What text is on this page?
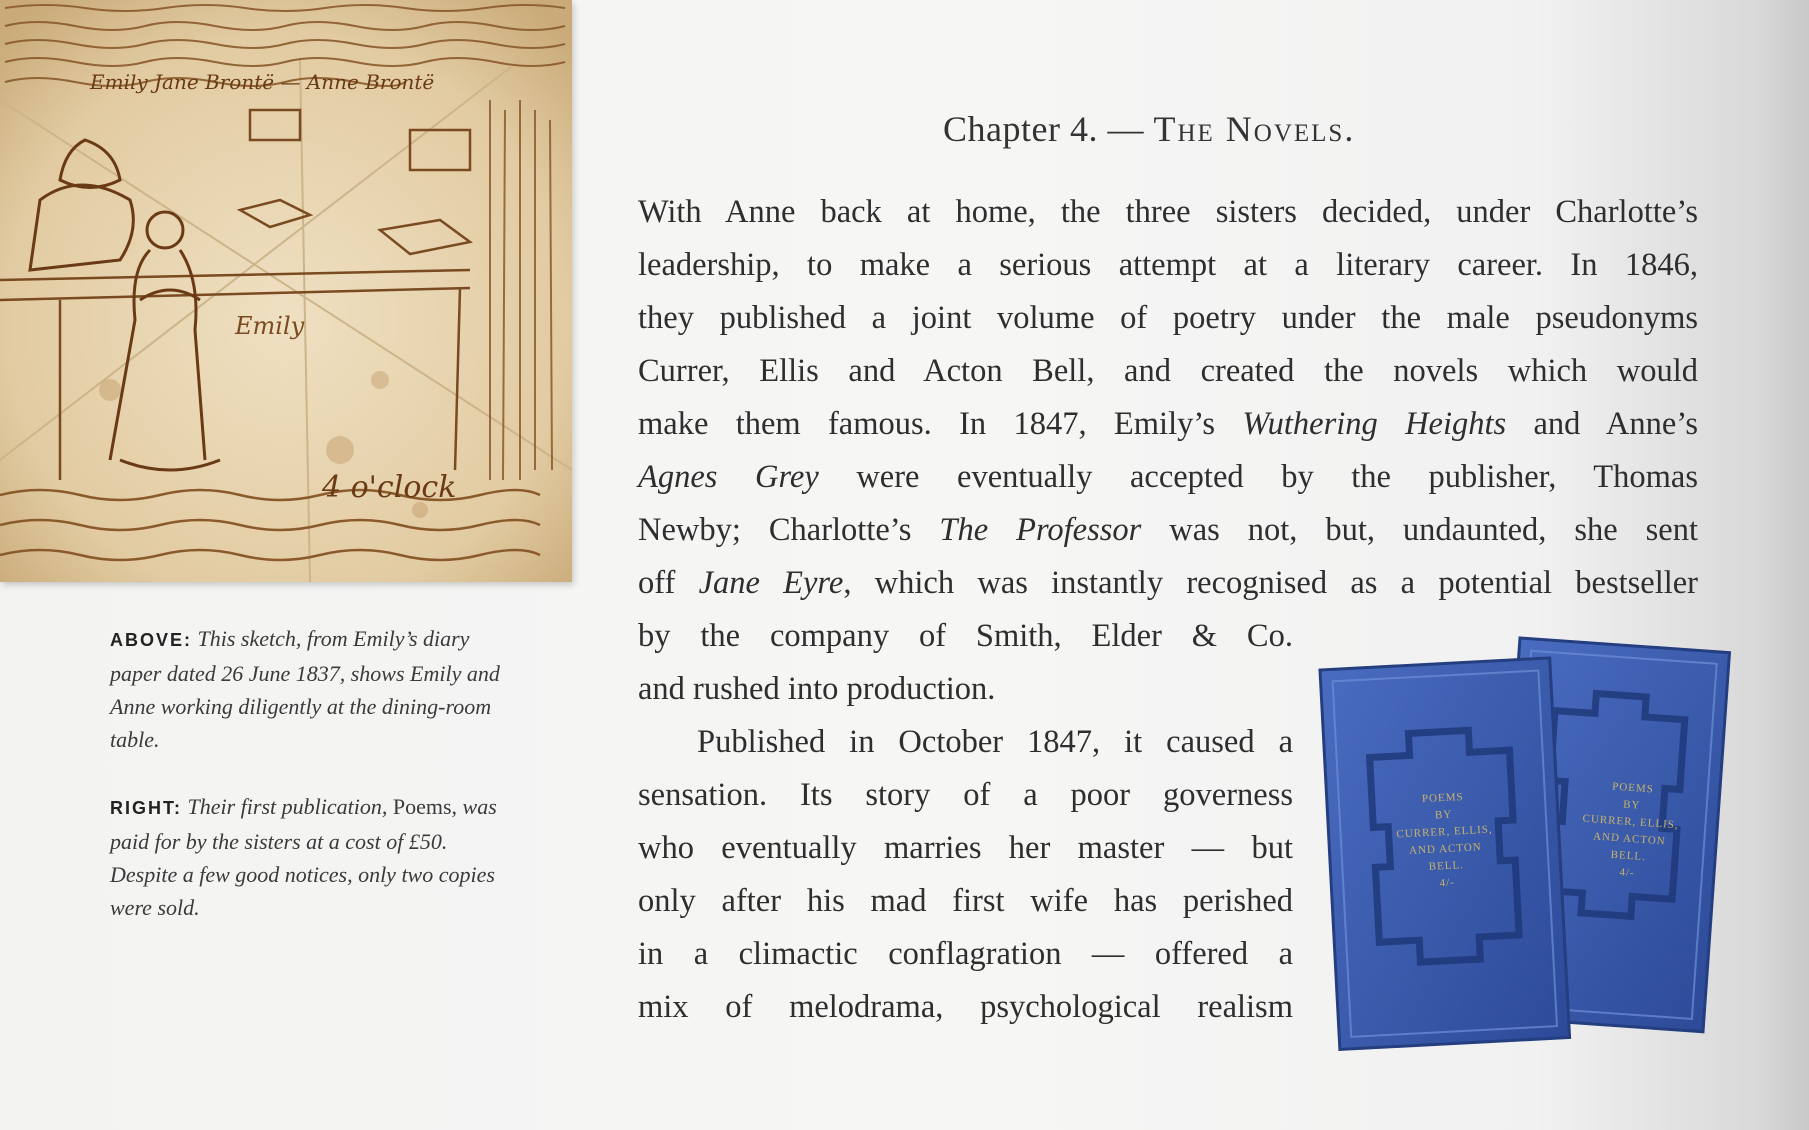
Emily
4 o'clock
Emily Jane Brontë — Anne Brontë
ABOVE: This sketch, from Emily’s diary paper dated 26 June 1837, shows Emily and Anne working diligently at the dining-room table.
RIGHT: Their first publication, Poems, was paid for by the sisters at a cost of £50. Despite a few good notices, only two copies were sold.
Chapter 4. — The Novels.
With Anne back at home, the three sisters decided, under Charlotte’s
leadership, to make a serious attempt at a literary career. In 1846,
they published a joint volume of poetry under the male pseudonyms
Currer, Ellis and Acton Bell, and created the novels which would
make them famous. In 1847, Emily’s Wuthering Heights and Anne’s
Agnes Grey were eventually accepted by the publisher, Thomas
Newby; Charlotte’s The Professor was not, but, undaunted, she sent
off Jane Eyre, which was instantly recognised as a potential bestseller
by the company of Smith, Elder & Co.
and rushed into production.
Published in October 1847, it caused a
sensation. Its story of a poor governess
who eventually marries her master — but
only after his mad first wife has perished
in a climactic conflagration — offered a
mix of melodrama, psychological realism
POEMS
BY
CURRER, ELLIS,
AND ACTON
BELL.
4/-
POEMS
BY
CURRER, ELLIS,
AND ACTON
BELL.
4/-
